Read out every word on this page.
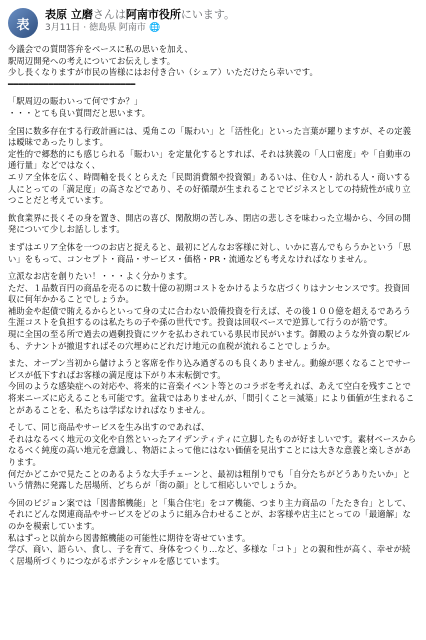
表
表原 立磨さんは阿南市役所にいます。
3月11日 · 徳島県 阿南市 🌐

今議会での質問答弁をベースに私の思いを加え、
駅周辺開発への考えについてお伝えします。
少し長くなりますが市民の皆様にはお付き合い（シェア）いただけたら幸いです。
━━━━━━━━━━━━━━━━━━━━━━━━━

「駅周辺の賑わいって何ですか？」
・・・とても良い質問だと思います。

全国に数多存在する行政計画には、兎角この「賑わい」と「活性化」といった言葉が躍りますが、その定義は曖昧であったりします。
定性的で郷愁的にも感じられる「賑わい」を定量化するとすれば、それは狭義の「人口密度」や「自動車の通行量」などではなく、
エリア全体を広く、時間軸を長くとらえた「民間消費額や投資額」あるいは、住む人・訪れる人・商いする人にとっての「満足度」の高さなどであり、その好循環が生まれることでビジネスとしての持続性が成り立つことだと考えています。

飲食業界に長くその身を置き、開店の喜び、閑散期の苦しみ、閉店の悲しさを味わった立場から、今回の開発について少しお話しします。

まずはエリア全体を一つのお店と捉えると、最初にどんなお客様に対し、いかに喜んでもらうかという「思い」をもって、コンセプト・商品・サービス・価格・PR・流通なども考えなければなりません。

立派なお店を創りたい！・・・よく分かります。
ただ、１品数百円の商品を売るのに数十億の初期コストをかけるような店づくりはナンセンスです。投資回収に何年かかることでしょうか。
補助金や起債で賄えるからといって身の丈に合わない設備投資を行えば、その後１００億を超えるであろう生涯コストを負担するのは私たちの子や孫の世代です。投資は回収ベースで逆算して行うのが筋です。
現に全国の至る所で過去の過剰投資にツケを払わされている県民市民がいます。御殿のような外資の駅ビルも、テナントが撤退すればその穴埋めにどれだけ地元の血税が流れることでしょうか。

また、オープン当初から儲けようと客席を作り込み過ぎるのも良くありません。動線が悪くなることでサービスが低下すればお客様の満足度は下がり本末転倒です。
今回のような感染症への対応や、将来的に音楽イベント等とのコラボを考えれば、あえて空白を残すことで将来ニーズに応えることも可能です。盆栽ではありませんが、「間引くこと＝減築」により価値が生まれることがあることを、私たちは学ばなければなりません。

そして、同じ商品やサービスを生み出すのであれば、
それはなるべく地元の文化や自然といったアイデンティティに立脚したものが好ましいです。素材ベースからなるべく純度の高い地元を意識し、物語によって他にはない価値を見出すことには大きな意義と楽しさがあります。
何だかどこかで見たことのあるような大手チェーンと、最初は粗削りでも「自分たちがどうありたいか」という情熱に発露した居場所、どちらが「街の顔」として相応しいでしょうか。

今回のビジョン案では「図書館機能」と「集合住宅」をコア機能、つまり主力商品の「たたき台」として、それにどんな関連商品やサービスをどのように組み合わせることが、お客様や店主にとっての「最適解」なのかを模索しています。
私はずっと以前から図書館機能の可能性に期待を寄せています。
学び、商い、語らい、食し、子を育て、身体をつくり…など、多様な「コト」との親和性が高く、幸せが続く居場所づくりにつながるポテンシャルを感じています。
